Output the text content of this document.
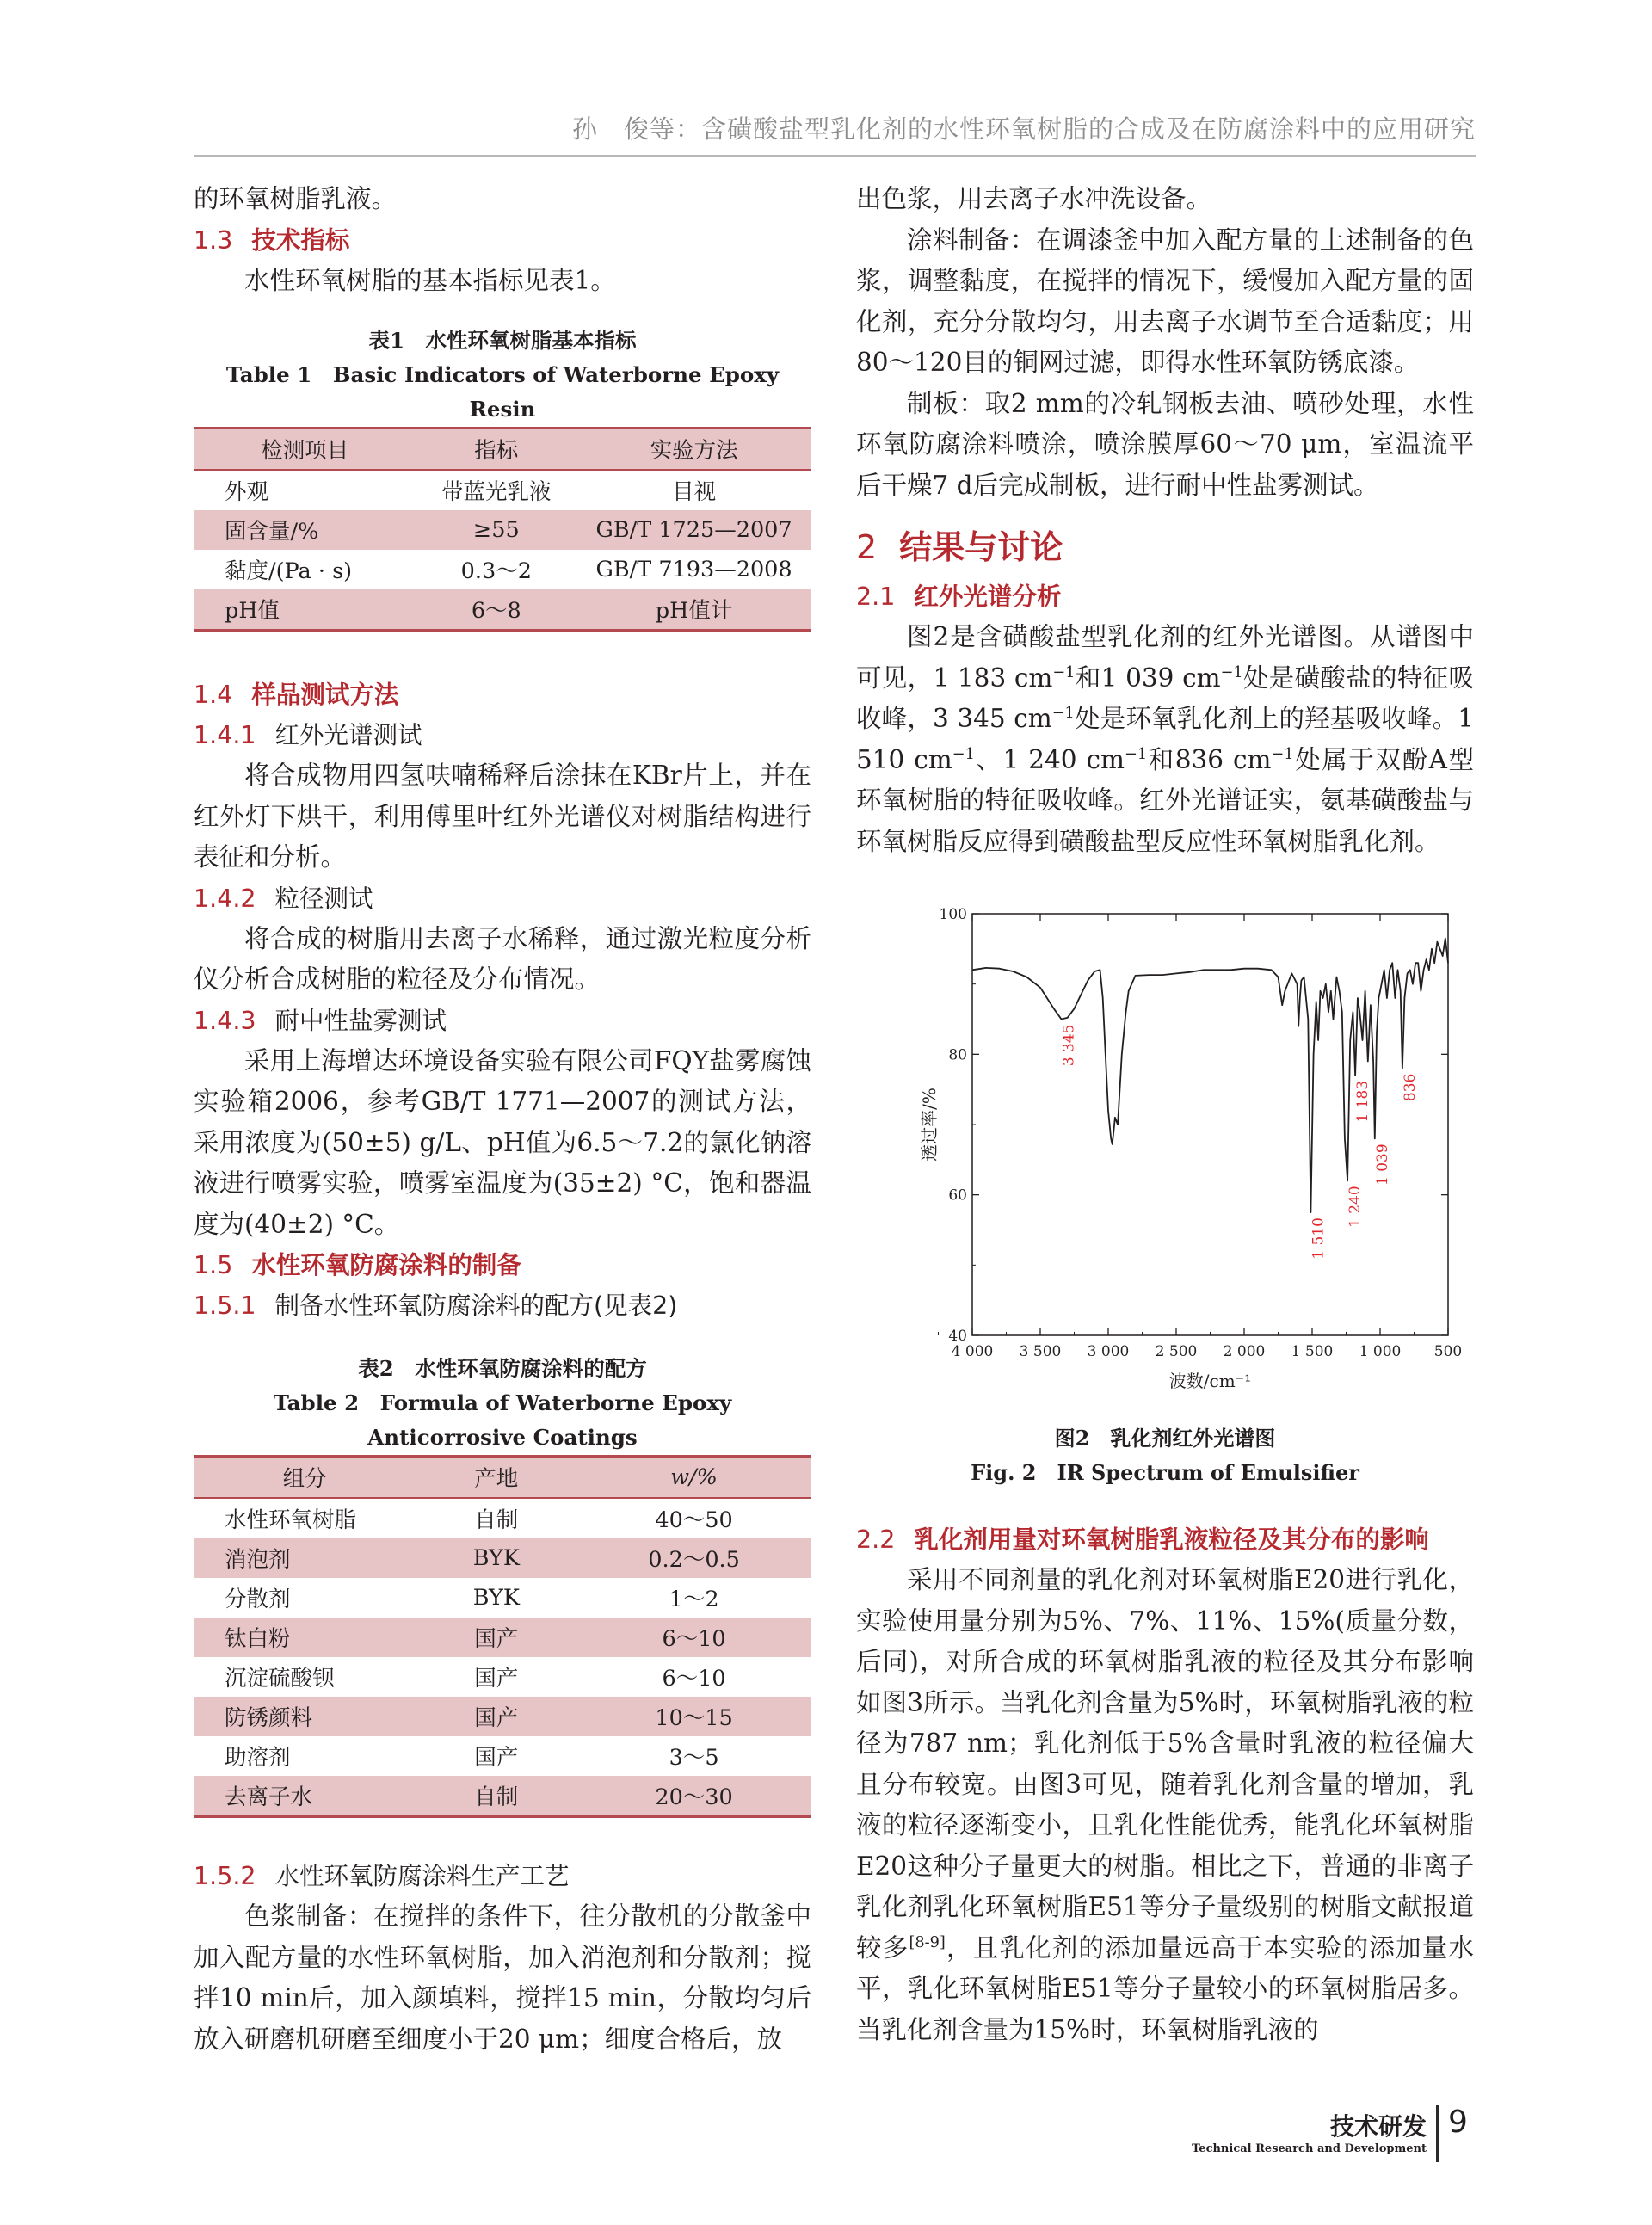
孙　俊等：含磺酸盐型乳化剂的水性环氧树脂的合成及在防腐涂料中的应用研究

的环氧树脂乳液。

1.3 技术指标

水性环氧树脂的基本指标见表1。

表1　水性环氧树脂基本指标

Table 1　Basic Indicators of Waterborne Epoxy Resin

检测项目	指标	实验方法
外观	带蓝光乳液	目视
固含量/%	≥55	GB/T 1725—2007
黏度/(Pa · s)	0.3～2	GB/T 7193—2008
pH值	6～8	pH值计
1.4 样品测试方法
1.4.1 红外光谱测试

将合成物用四氢呋喃稀释后涂抹在KBr片上，并在红外灯下烘干，利用傅里叶红外光谱仪对树脂结构进行表征和分析。

1.4.2 粒径测试

将合成的树脂用去离子水稀释，通过激光粒度分析仪分析合成树脂的粒径及分布情况。

1.4.3 耐中性盐雾测试

采用上海增达环境设备实验有限公司FQY盐雾腐蚀实验箱2006，参考GB/T 1771—2007的测试方法，采用浓度为(50±5) g/L、pH值为6.5～7.2的氯化钠溶液进行喷雾实验，喷雾室温度为(35±2) °C，饱和器温度为(40±2) °C。

1.5 水性环氧防腐涂料的制备
1.5.1 制备水性环氧防腐涂料的配方(见表2)

表2　水性环氧防腐涂料的配方

Table 2　Formula of Waterborne Epoxy Anticorrosive Coatings

组分	产地	w/%
水性环氧树脂	自制	40～50
消泡剂	BYK	0.2～0.5
分散剂	BYK	1～2
钛白粉	国产	6～10
沉淀硫酸钡	国产	6～10
防锈颜料	国产	10～15
助溶剂	国产	3～5
去离子水	自制	20～30
1.5.2 水性环氧防腐涂料生产工艺

色浆制备：在搅拌的条件下，往分散机的分散釜中加入配方量的水性环氧树脂，加入消泡剂和分散剂；搅拌10 min后，加入颜填料，搅拌15 min，分散均匀后放入研磨机研磨至细度小于20 μm；细度合格后，放

出色浆，用去离子水冲洗设备。

涂料制备：在调漆釜中加入配方量的上述制备的色浆，调整黏度，在搅拌的情况下，缓慢加入配方量的固化剂，充分分散均匀，用去离子水调节至合适黏度；用80～120目的铜网过滤，即得水性环氧防锈底漆。

制板：取2 mm的冷轧钢板去油、喷砂处理，水性环氧防腐涂料喷涂，喷涂膜厚60～70 μm，室温流平后干燥7 d后完成制板，进行耐中性盐雾测试。

2 结果与讨论
2.1 红外光谱分析

图2是含磺酸盐型乳化剂的红外光谱图。从谱图中可见，1 183 $cm^{-1}$和1 039 $cm^{-1}$处是磺酸盐的特征吸收峰，3 345 $cm^{-1}$处是环氧乳化剂上的羟基吸收峰。1 510 $cm^{-1}$、1 240 $cm^{-1}$和836 $cm^{-1}$处属于双酚A型环氧树脂的特征吸收峰。红外光谱证实，氨基磺酸盐与环氧树脂反应得到磺酸盐型反应性环氧树脂乳化剂。

4 000 3 500 3 000 2 500 2 000 1 500 1 000 500
40
60
80
100
波数/cm⁻¹
透过率/%
3 345
1 510
1 240
1 183
1 039
836

图2　乳化剂红外光谱图

Fig. 2　IR Spectrum of Emulsifier

2.2 乳化剂用量对环氧树脂乳液粒径及其分布的影响

采用不同剂量的乳化剂对环氧树脂E20进行乳化，实验使用量分别为5%、7%、11%、15%(质量分数，后同)，对所合成的环氧树脂乳液的粒径及其分布影响如图3所示。当乳化剂含量为5%时，环氧树脂乳液的粒径为787 nm；乳化剂低于5%含量时乳液的粒径偏大且分布较宽。由图3可见，随着乳化剂含量的增加，乳液的粒径逐渐变小，且乳化性能优秀，能乳化环氧树脂E20这种分子量更大的树脂。相比之下，普通的非离子乳化剂乳化环氧树脂E51等分子量级别的树脂文献报道较多[8-9]，且乳化剂的添加量远高于本实验的添加量水平，乳化环氧树脂E51等分子量较小的环氧树脂居多。当乳化剂含量为15%时，环氧树脂乳液的

技术研发
Technical Research and Development
9
